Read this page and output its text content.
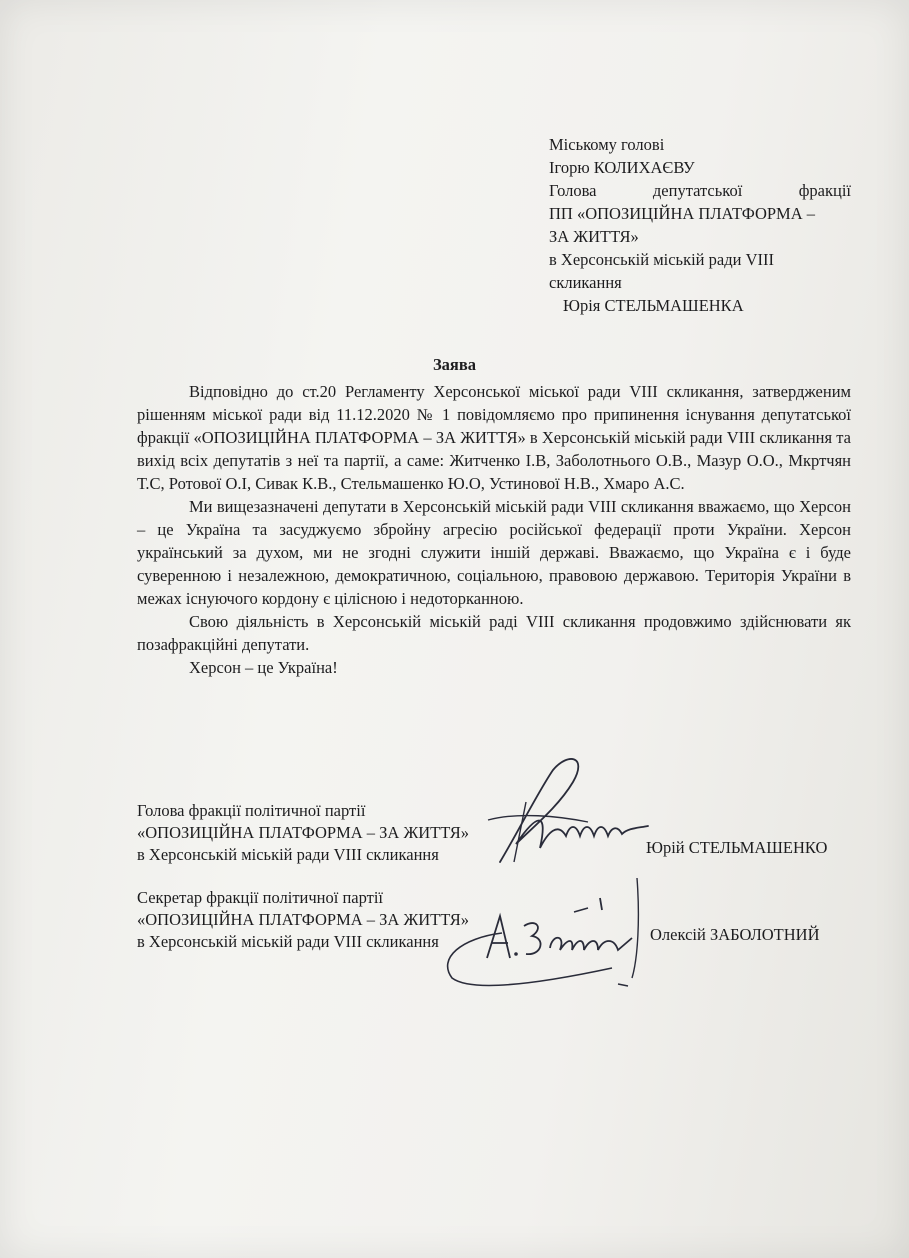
Міському голові
Ігорю КОЛИХАЄВУ
Голова депутатської фракції
ПП «ОПОЗИЦІЙНА ПЛАТФОРМА –
ЗА ЖИТТЯ»
в Херсонській міській ради VIII
скликання
Юрія СТЕЛЬМАШЕНКА
Заява

Відповідно до ст.20 Регламенту Херсонської міської ради VIII скликання, затвердженим рішенням міської ради від 11.12.2020 № 1 повідомляємо про припинення існування депутатської фракції «ОПОЗИЦІЙНА ПЛАТФОРМА – ЗА ЖИТТЯ» в Херсонській міській ради VIII скликання та вихід всіх депутатів з неї та партії, а саме: Житченко І.В, Заболотнього О.В., Мазур О.О., Мкртчян Т.С, Ротової О.І, Сивак К.В., Стельмашенко Ю.О, Устинової Н.В., Хмаро А.С.

Ми вищезазначені депутати в Херсонській міській ради VIII скликання вважаємо, що Херсон – це Україна та засуджуємо збройну агресію російської федерації проти України. Херсон український за духом, ми не згодні служити іншій державі. Вважаємо, що Україна є і буде суверенною і незалежною, демократичною, соціальною, правовою державою. Територія України в межах існуючого кордону є цілісною і недоторканною.

Свою діяльність в Херсонській міській раді VIII скликання продовжимо здійснювати як позафракційні депутати.

Херсон – це Україна!

Голова фракції політичної партії
«ОПОЗИЦІЙНА ПЛАТФОРМА – ЗА ЖИТТЯ»
в Херсонській міській ради VIII скликання	Юрій СТЕЛЬМАШЕНКО
Секретар фракції політичної партії
«ОПОЗИЦІЙНА ПЛАТФОРМА – ЗА ЖИТТЯ»
в Херсонській міській ради VIII скликання	Олексій ЗАБОЛОТНИЙ
